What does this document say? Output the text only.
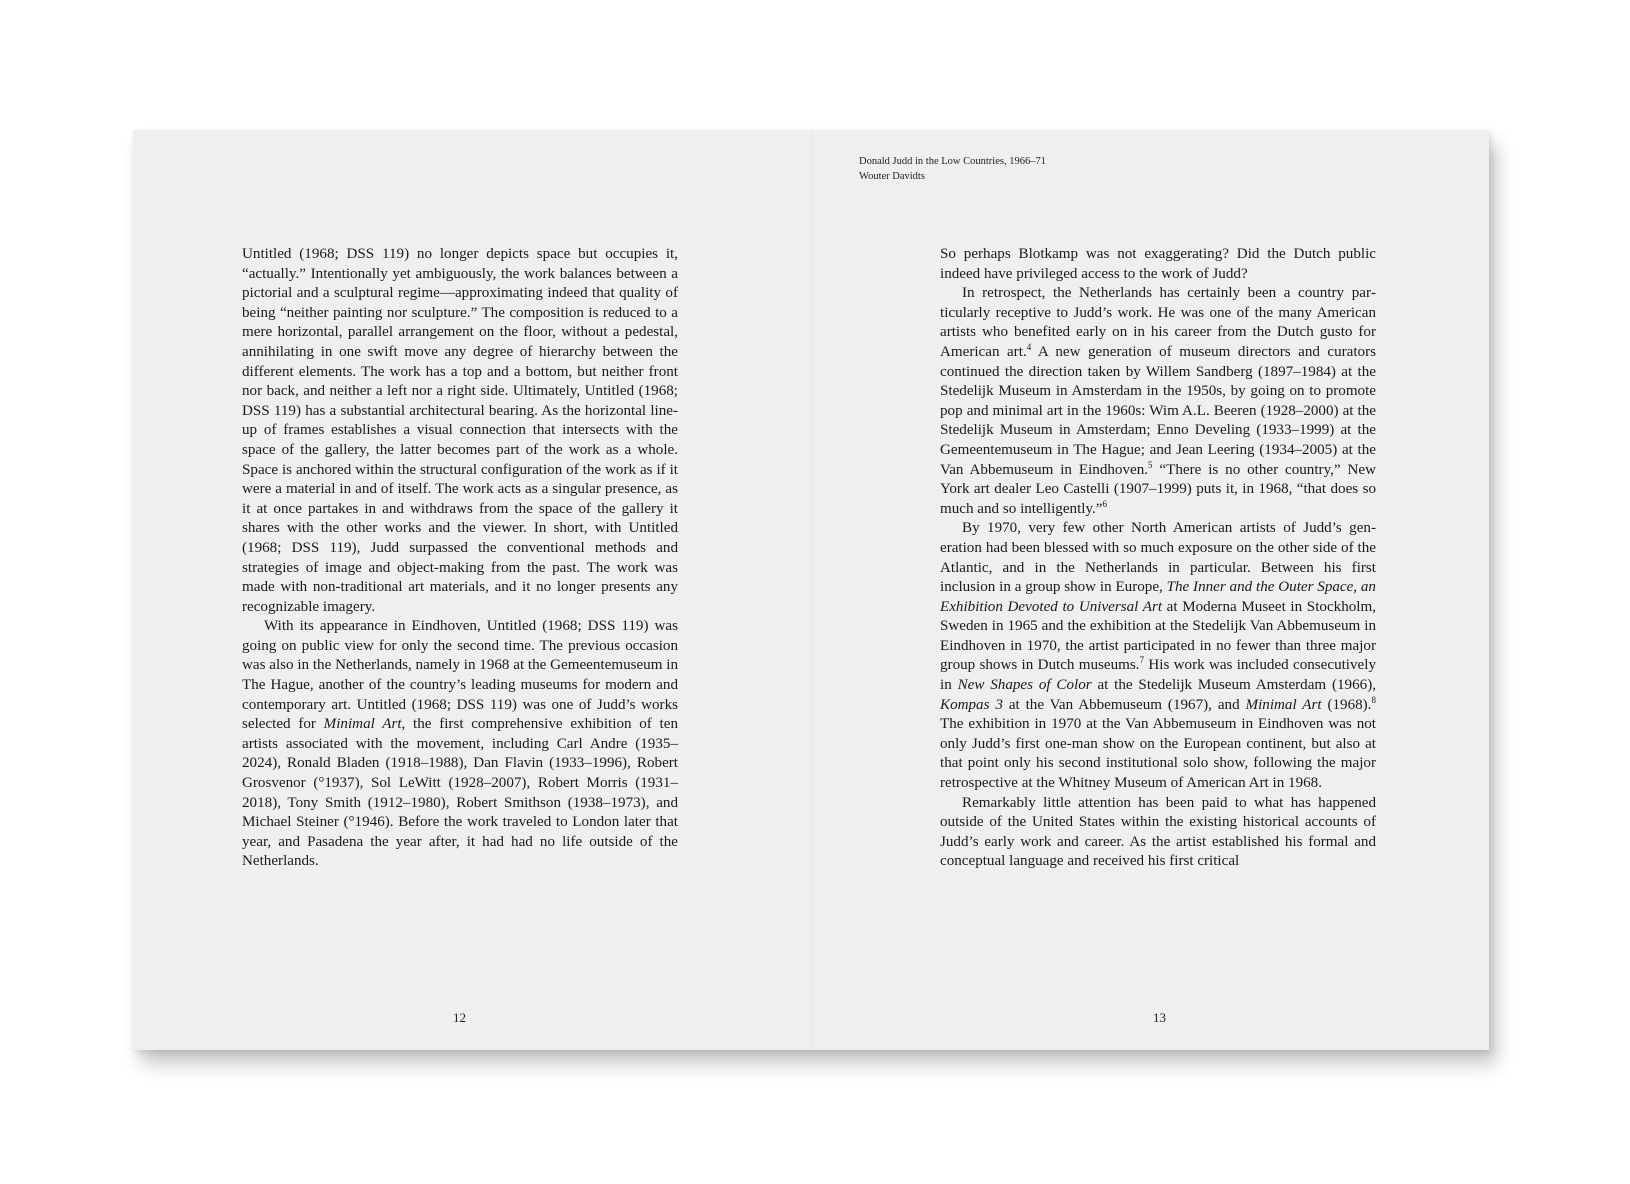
Donald Judd in the Low Countries, 1966–71
Wouter Davidts

Untitled (1968; DSS 119) no longer depicts space but occupies it, “actually.” Intentionally yet ambiguously, the work balances between a pictorial and a sculptural regime—approximating indeed that quality of being “neither painting nor sculpture.” The composition is reduced to a mere horizontal, parallel arrangement on the floor, without a pedestal, annihilating in one swift move any degree of hierarchy between the different elements. The work has a top and a bottom, but neither front nor back, and neither a left nor a right side. Ultimately, Untitled (1968; DSS 119) has a substantial architectural bearing. As the horizontal line-up of frames establishes a visual connection that intersects with the space of the gallery, the latter becomes part of the work as a whole. Space is anchored within the structural configuration of the work as if it were a material in and of itself. The work acts as a singular presence, as it at once partakes in and withdraws from the space of the gallery it shares with the other works and the viewer. In short, with Untitled (1968; DSS 119), Judd surpassed the conventional methods and strategies of image and object-making from the past. The work was made with non-traditional art materials, and it no longer presents any recognizable imagery.

With its appearance in Eindhoven, Untitled (1968; DSS 119) was going on public view for only the second time. The previous occasion was also in the Netherlands, namely in 1968 at the Gemeentemuseum in The Hague, another of the country’s leading museums for modern and contemporary art. Untitled (1968; DSS 119) was one of Judd’s works selected for Minimal Art, the first comprehensive exhibition of ten artists associated with the movement, including Carl Andre (1935–2024), Ronald Bladen (1918–1988), Dan Flavin (1933–1996), Robert Grosvenor (°1937), Sol LeWitt (1928–2007), Robert Morris (1931–2018), Tony Smith (1912–1980), Robert Smithson (1938–1973), and Michael Steiner (°1946). Before the work traveled to London later that year, and Pasadena the year after, it had had no life outside of the Netherlands.

So perhaps Blotkamp was not exaggerating? Did the Dutch public indeed have privileged access to the work of Judd?

In retrospect, the Netherlands has certainly been a country particularly receptive to Judd’s work. He was one of the many American artists who benefited early on in his career from the Dutch gusto for American art.$^4$ A new generation of museum directors and curators continued the direction taken by Willem Sandberg (1897–1984) at the Stedelijk Museum in Amsterdam in the 1950s, by going on to promote pop and minimal art in the 1960s: Wim A.L. Beeren (1928–2000) at the Stedelijk Museum in Amsterdam; Enno Develing (1933–1999) at the Gemeentemuseum in The Hague; and Jean Leering (1934–2005) at the Van Abbemuseum in Eindhoven.$^5$ “There is no other country,” New York art dealer Leo Castelli (1907–1999) puts it, in 1968, “that does so much and so intelligently.”$^6$

By 1970, very few other North American artists of Judd’s generation had been blessed with so much exposure on the other side of the Atlantic, and in the Netherlands in particular. Between his first inclusion in a group show in Europe, The Inner and the Outer Space, an Exhibition Devoted to Universal Art at Moderna Museet in Stockholm, Sweden in 1965 and the exhibition at the Stedelijk Van Abbemuseum in Eindhoven in 1970, the artist participated in no fewer than three major group shows in Dutch museums.$^7$ His work was included consecutively in New Shapes of Color at the Stedelijk Museum Amsterdam (1966), Kompas 3 at the Van Abbemuseum (1967), and Minimal Art (1968).$^8$ The exhibition in 1970 at the Van Abbemuseum in Eindhoven was not only Judd’s first one-man show on the European continent, but also at that point only his second institutional solo show, following the major retrospective at the Whitney Museum of American Art in 1968.

Remarkably little attention has been paid to what has happened outside of the United States within the existing historical accounts of Judd’s early work and career. As the artist established his formal and conceptual language and received his first critical

12	13
